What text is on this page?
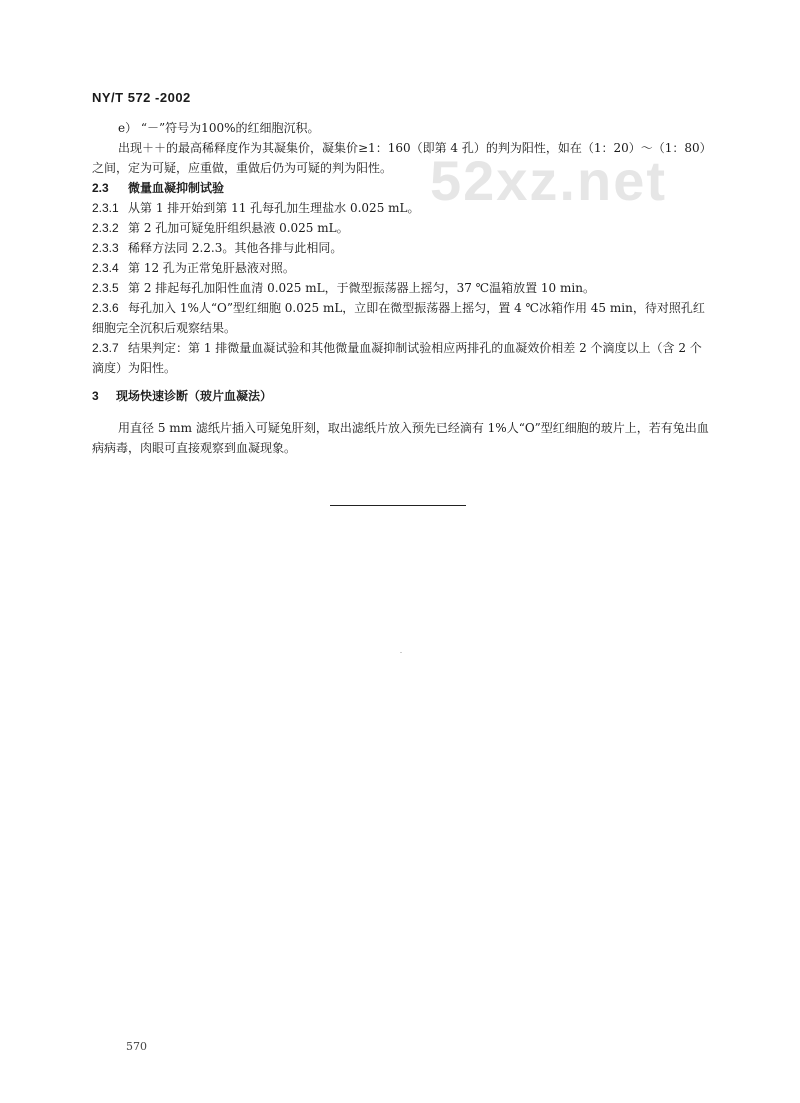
52xz.net
NY/T 572 -2002

e） “－”符号为100%的红细胞沉积。

出现＋＋的最高稀释度作为其凝集价，凝集价≥1：160（即第 4 孔）的判为阳性，如在（1：20）～（1：80）之间，定为可疑，应重做，重做后仍为可疑的判为阳性。

2.3 微量血凝抑制试验

2.3.1 从第 1 排开始到第 11 孔每孔加生理盐水 0.025 mL。

2.3.2 第 2 孔加可疑兔肝组织悬液 0.025 mL。

2.3.3 稀释方法同 2.2.3。其他各排与此相同。

2.3.4 第 12 孔为正常兔肝悬液对照。

2.3.5 第 2 排起每孔加阳性血清 0.025 mL，于微型振荡器上摇匀，37 ℃温箱放置 10 min。

2.3.6 每孔加入 1%人“O”型红细胞 0.025 mL，立即在微型振荡器上摇匀，置 4 ℃冰箱作用 45 min，待对照孔红细胞完全沉积后观察结果。

2.3.7 结果判定：第 1 排微量血凝试验和其他微量血凝抑制试验相应两排孔的血凝效价相差 2 个滴度以上（含 2 个滴度）为阳性。

3 现场快速诊断（玻片血凝法）

用直径 5 mm 滤纸片插入可疑兔肝刻，取出滤纸片放入预先已经滴有 1%人“O”型红细胞的玻片上，若有兔出血病病毒，肉眼可直接观察到血凝现象。

570
